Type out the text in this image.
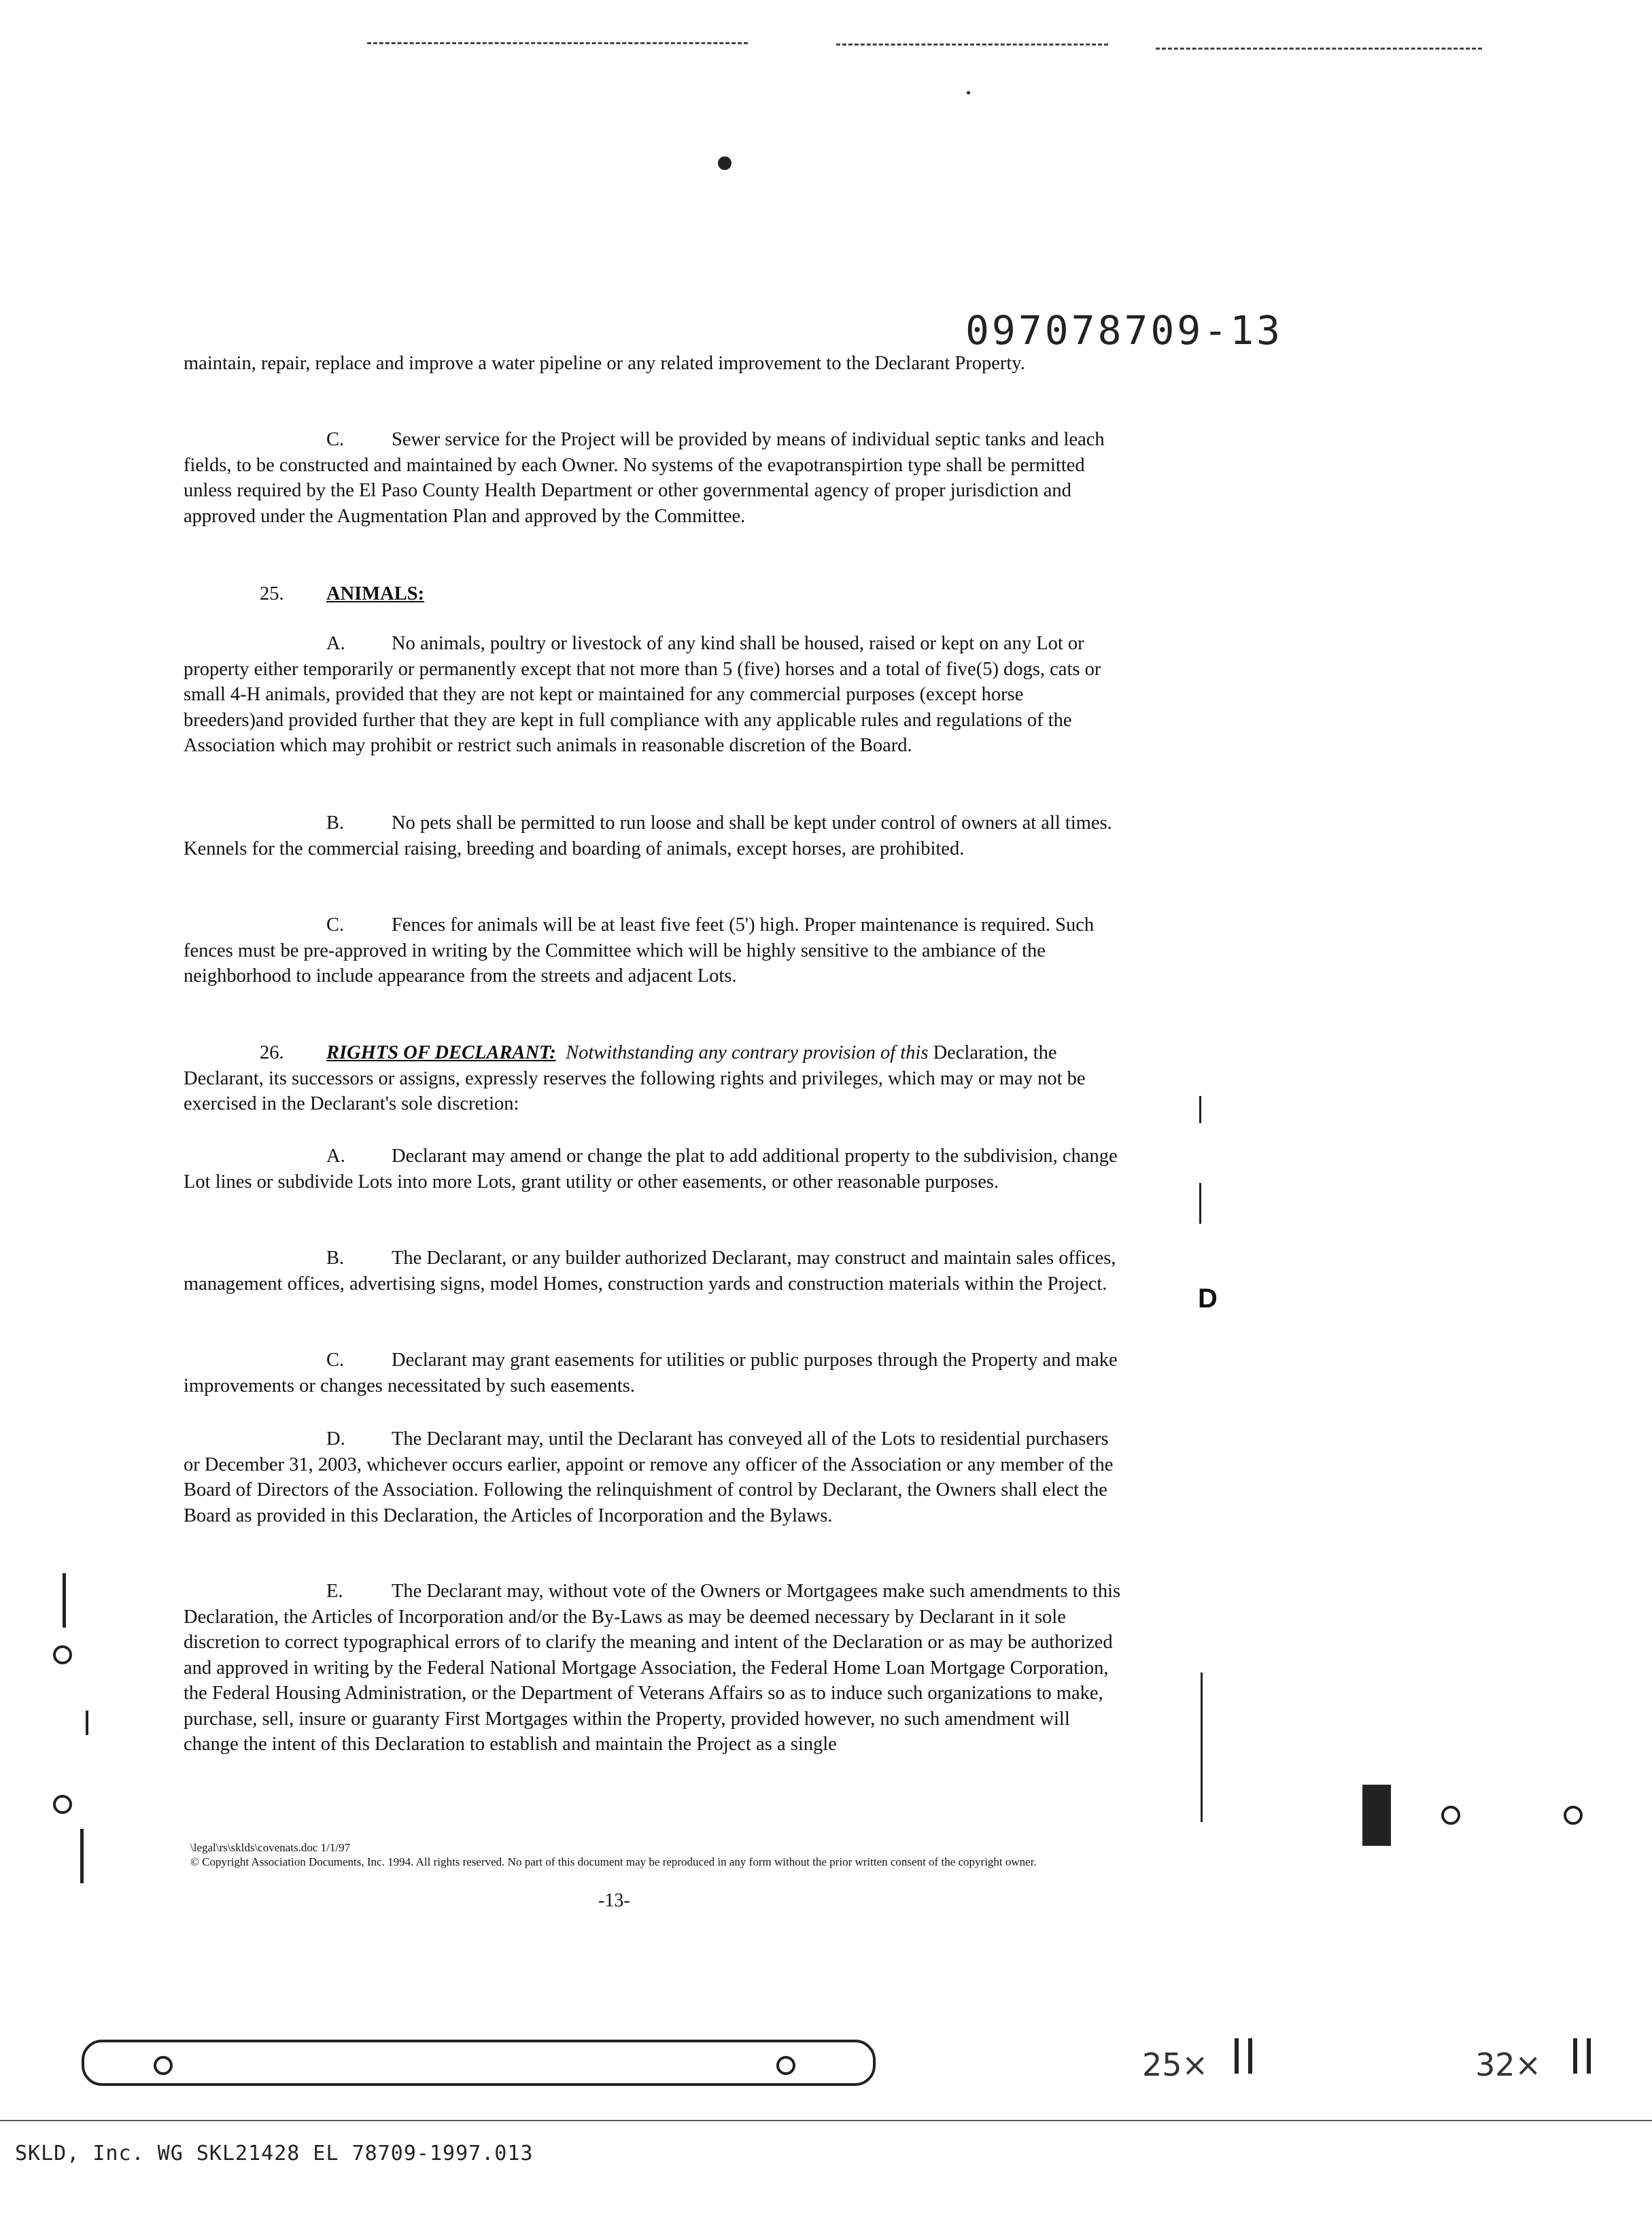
097078709-13

maintain, repair, replace and improve a water pipeline or any related improvement to the Declarant Property.

C. Sewer service for the Project will be provided by means of individual septic tanks and leach fields, to be constructed and maintained by each Owner. No systems of the evapotranspirtion type shall be permitted unless required by the El Paso County Health Department or other governmental agency of proper jurisdiction and approved under the Augmentation Plan and approved by the Committee.

25. ANIMALS:

A. No animals, poultry or livestock of any kind shall be housed, raised or kept on any Lot or property either temporarily or permanently except that not more than 5 (five) horses and a total of five(5) dogs, cats or small 4-H animals, provided that they are not kept or maintained for any commercial purposes (except horse breeders)and provided further that they are kept in full compliance with any applicable rules and regulations of the Association which may prohibit or restrict such animals in reasonable discretion of the Board.

B. No pets shall be permitted to run loose and shall be kept under control of owners at all times. Kennels for the commercial raising, breeding and boarding of animals, except horses, are prohibited.

C. Fences for animals will be at least five feet (5') high. Proper maintenance is required. Such fences must be pre-approved in writing by the Committee which will be highly sensitive to the ambiance of the neighborhood to include appearance from the streets and adjacent Lots.

26. RIGHTS OF DECLARANT: Notwithstanding any contrary provision of this Declaration, the Declarant, its successors or assigns, expressly reserves the following rights and privileges, which may or may not be exercised in the Declarant's sole discretion:

A. Declarant may amend or change the plat to add additional property to the subdivision, change Lot lines or subdivide Lots into more Lots, grant utility or other easements, or other reasonable purposes.

B. The Declarant, or any builder authorized Declarant, may construct and maintain sales offices, management offices, advertising signs, model Homes, construction yards and construction materials within the Project.

C. Declarant may grant easements for utilities or public purposes through the Property and make improvements or changes necessitated by such easements.

D. The Declarant may, until the Declarant has conveyed all of the Lots to residential purchasers or December 31, 2003, whichever occurs earlier, appoint or remove any officer of the Association or any member of the Board of Directors of the Association. Following the relinquishment of control by Declarant, the Owners shall elect the Board as provided in this Declaration, the Articles of Incorporation and the Bylaws.

E.	The Declarant may, without vote of the Owners or Mortgagees make such amendments to this Declaration, the Articles of Incorporation and/or the By-Laws as may be deemed necessary by Declarant in it sole discretion to correct typographical errors of to clarify the meaning and intent of the Declaration or as may be authorized and approved in writing by the Federal National Mortgage Association, the Federal Home Loan Mortgage Corporation, the Federal Housing Administration, or the Department of Veterans Affairs so as to induce such organizations to make, purchase, sell, insure or guaranty First Mortgages within the Property, provided however, no such amendment will change the intent of this Declaration to establish and maintain the Project as a single

\legal\rs\sklds\covenats.doc 1/1/97
© Copyright Association Documents, Inc. 1994. All rights reserved. No part of this document may be reproduced in any form without the prior written consent of the copyright owner.
-13-
D
25×	32×
SKLD, Inc. WG SKL21428 EL 78709-1997.013
